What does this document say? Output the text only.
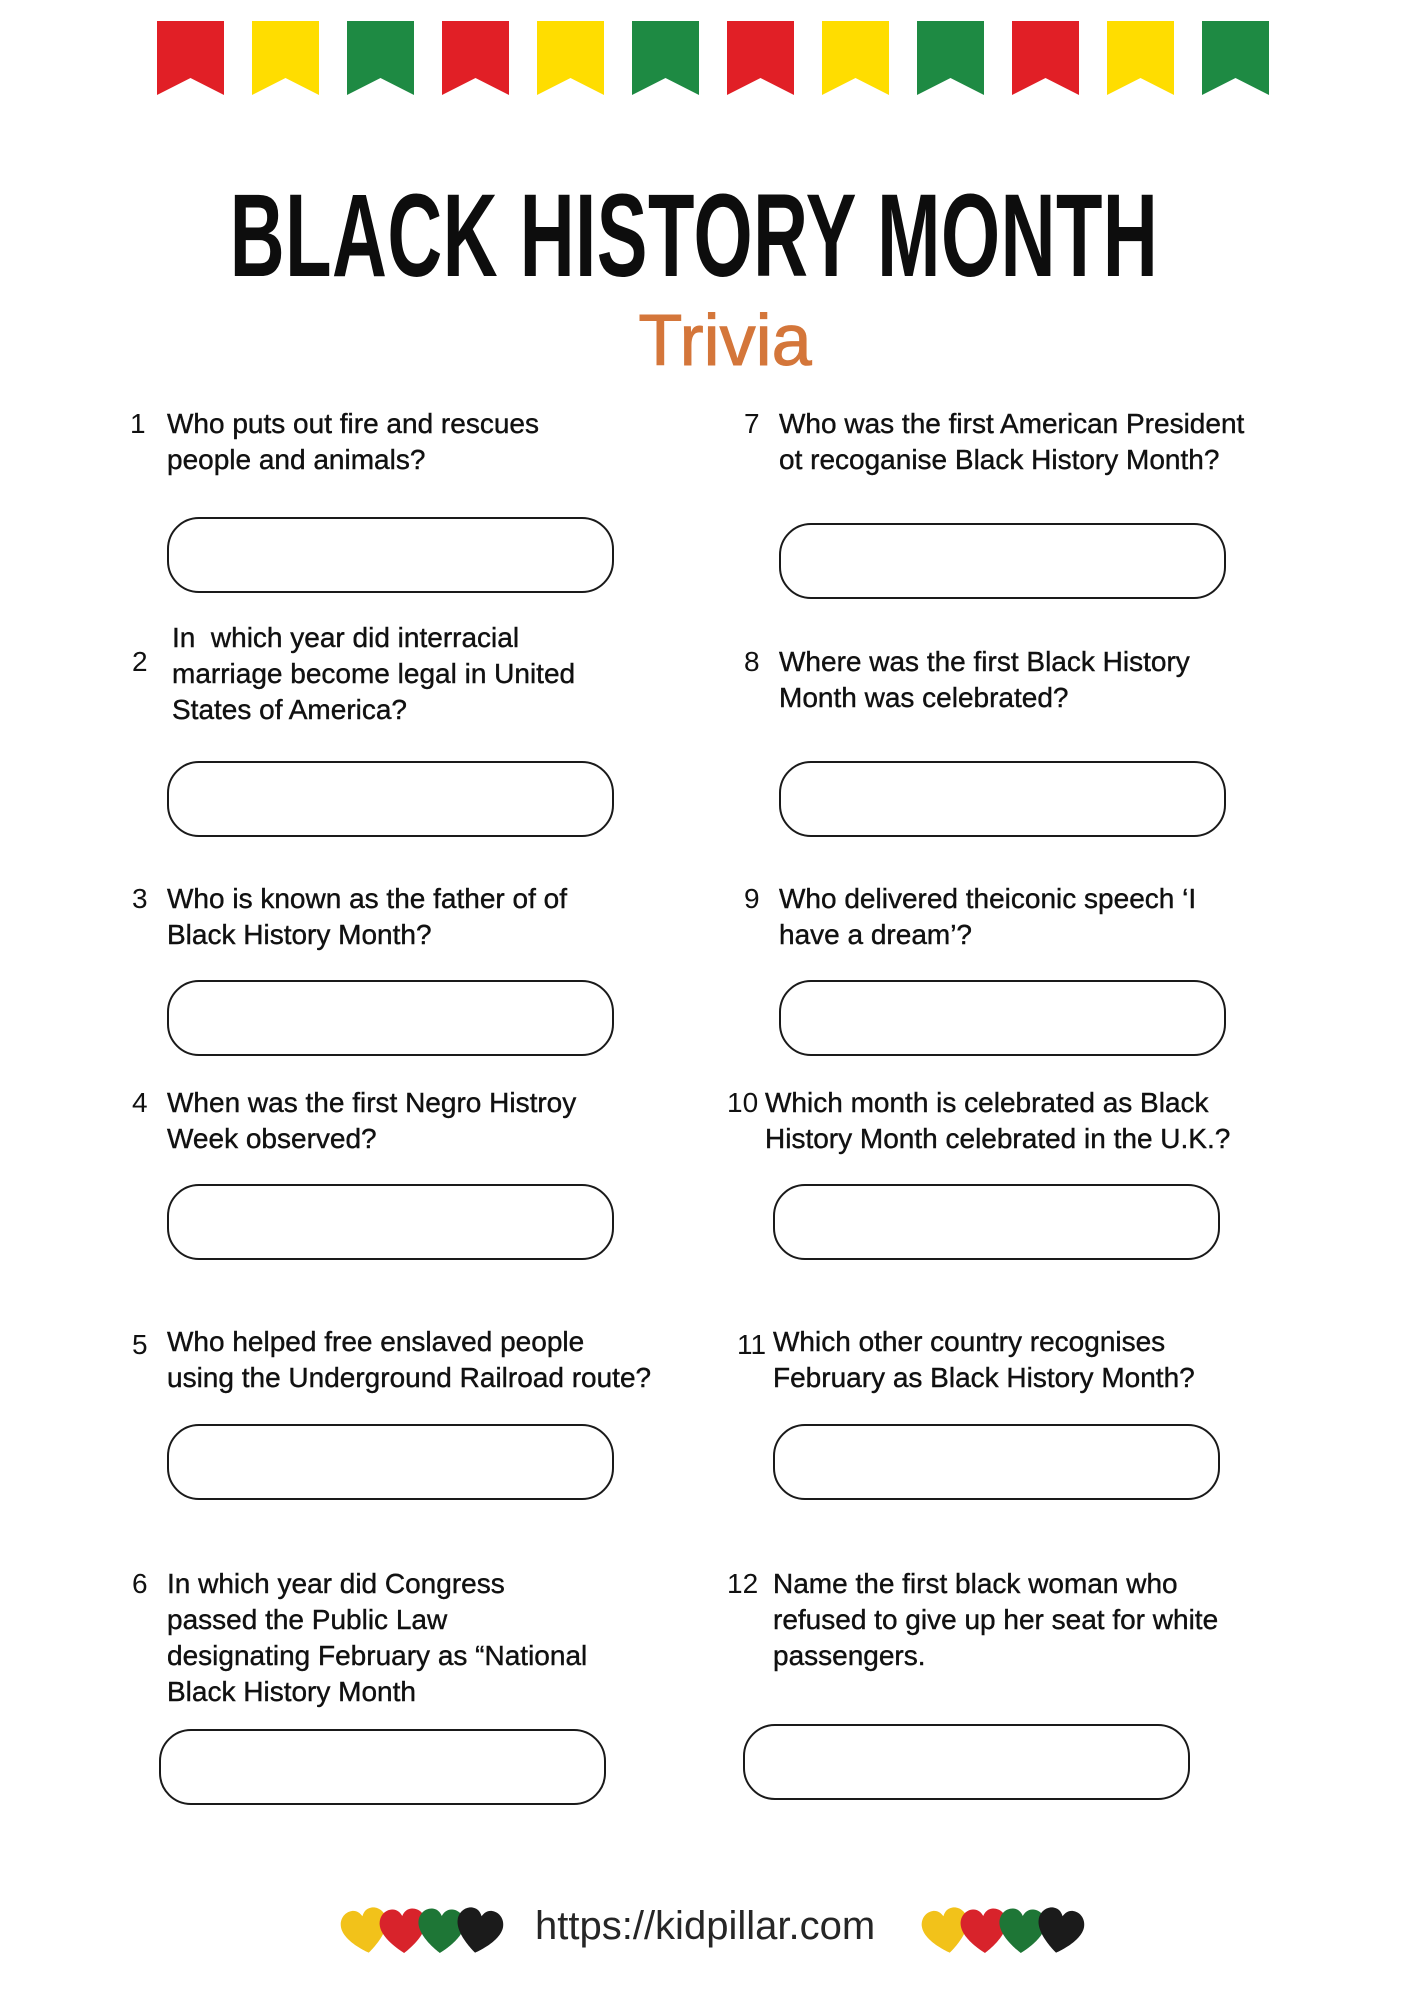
BLACK HISTORY MONTH
Trivia
1 Who puts out fire and rescues
people and animals?
2
In  which year did interracial
marriage become legal in United
States of America?
3 Who is known as the father of of
Black History Month?
4 When was the first Negro Histroy
Week observed?
5 Who helped free enslaved people
using the Underground Railroad route?
6 In which year did Congress
passed the Public Law
designating February as “National
Black History Month
7 Who was the first American President
ot recoganise Black History Month?
8 Where was the first Black History
Month was celebrated?
9 Who delivered theiconic speech ‘I
have a dream’?
10 Which month is celebrated as Black
History Month celebrated in the U.K.?
11 Which other country recognises
February as Black History Month?
12 Name the first black woman who
refused to give up her seat for white
passengers.
https://kidpillar.com
